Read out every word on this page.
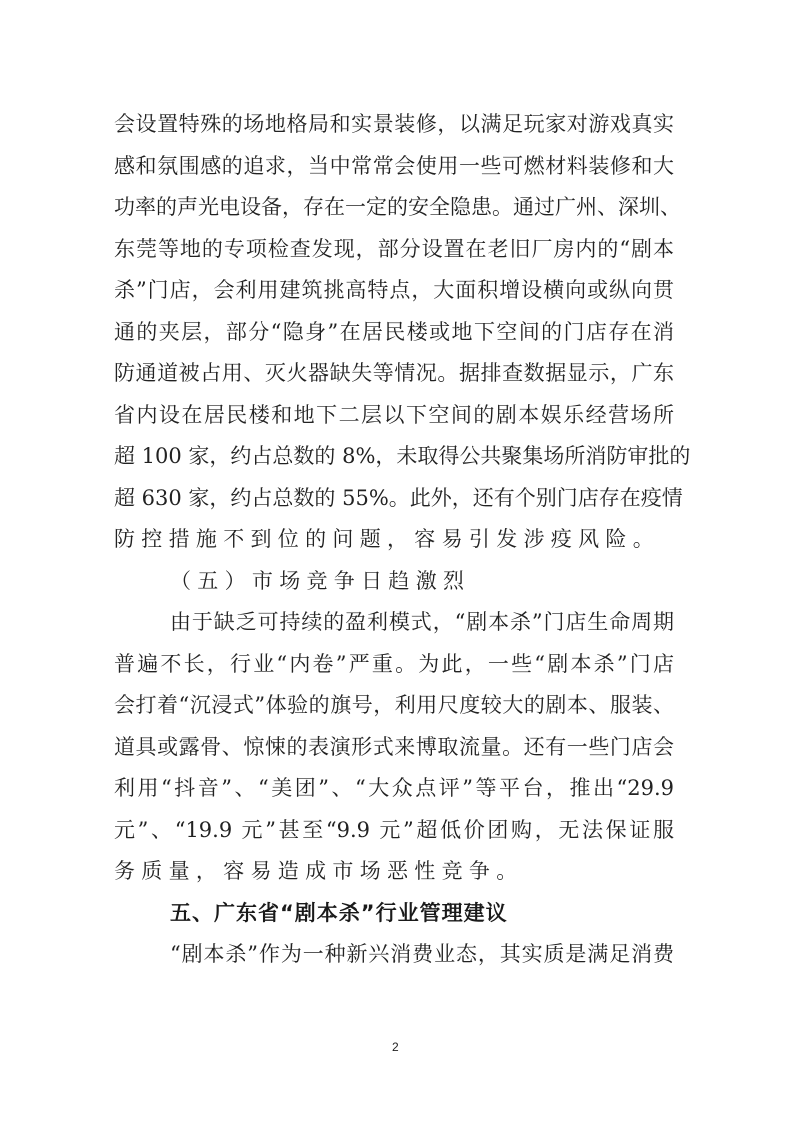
会设置特殊的场地格局和实景装修，以满足玩家对游戏真实
感和氛围感的追求，当中常常会使用一些可燃材料装修和大
功率的声光电设备，存在一定的安全隐患。通过广州、深圳、
东莞等地的专项检查发现，部分设置在老旧厂房内的“剧本
杀”门店，会利用建筑挑高特点，大面积增设横向或纵向贯
通的夹层，部分“隐身”在居民楼或地下空间的门店存在消
防通道被占用、灭火器缺失等情况。据排查数据显示，广东
省内设在居民楼和地下二层以下空间的剧本娱乐经营场所
超 100 家，约占总数的 8%，未取得公共聚集场所消防审批的
超 630 家，约占总数的 55%。此外，还有个别门店存在疫情
防控措施不到位的问题，容易引发涉疫风险。
（五）市场竞争日趋激烈
由于缺乏可持续的盈利模式，“剧本杀”门店生命周期
普遍不长，行业“内卷”严重。为此，一些“剧本杀”门店
会打着“沉浸式”体验的旗号，利用尺度较大的剧本、服装、
道具或露骨、惊悚的表演形式来博取流量。还有一些门店会
利用“抖音”、“美团”、“大众点评”等平台，推出“29.9
元”、“19.9 元”甚至“9.9 元”超低价团购，无法保证服
务质量，容易造成市场恶性竞争。
五、广东省“剧本杀”行业管理建议
“剧本杀”作为一种新兴消费业态，其实质是满足消费
2
